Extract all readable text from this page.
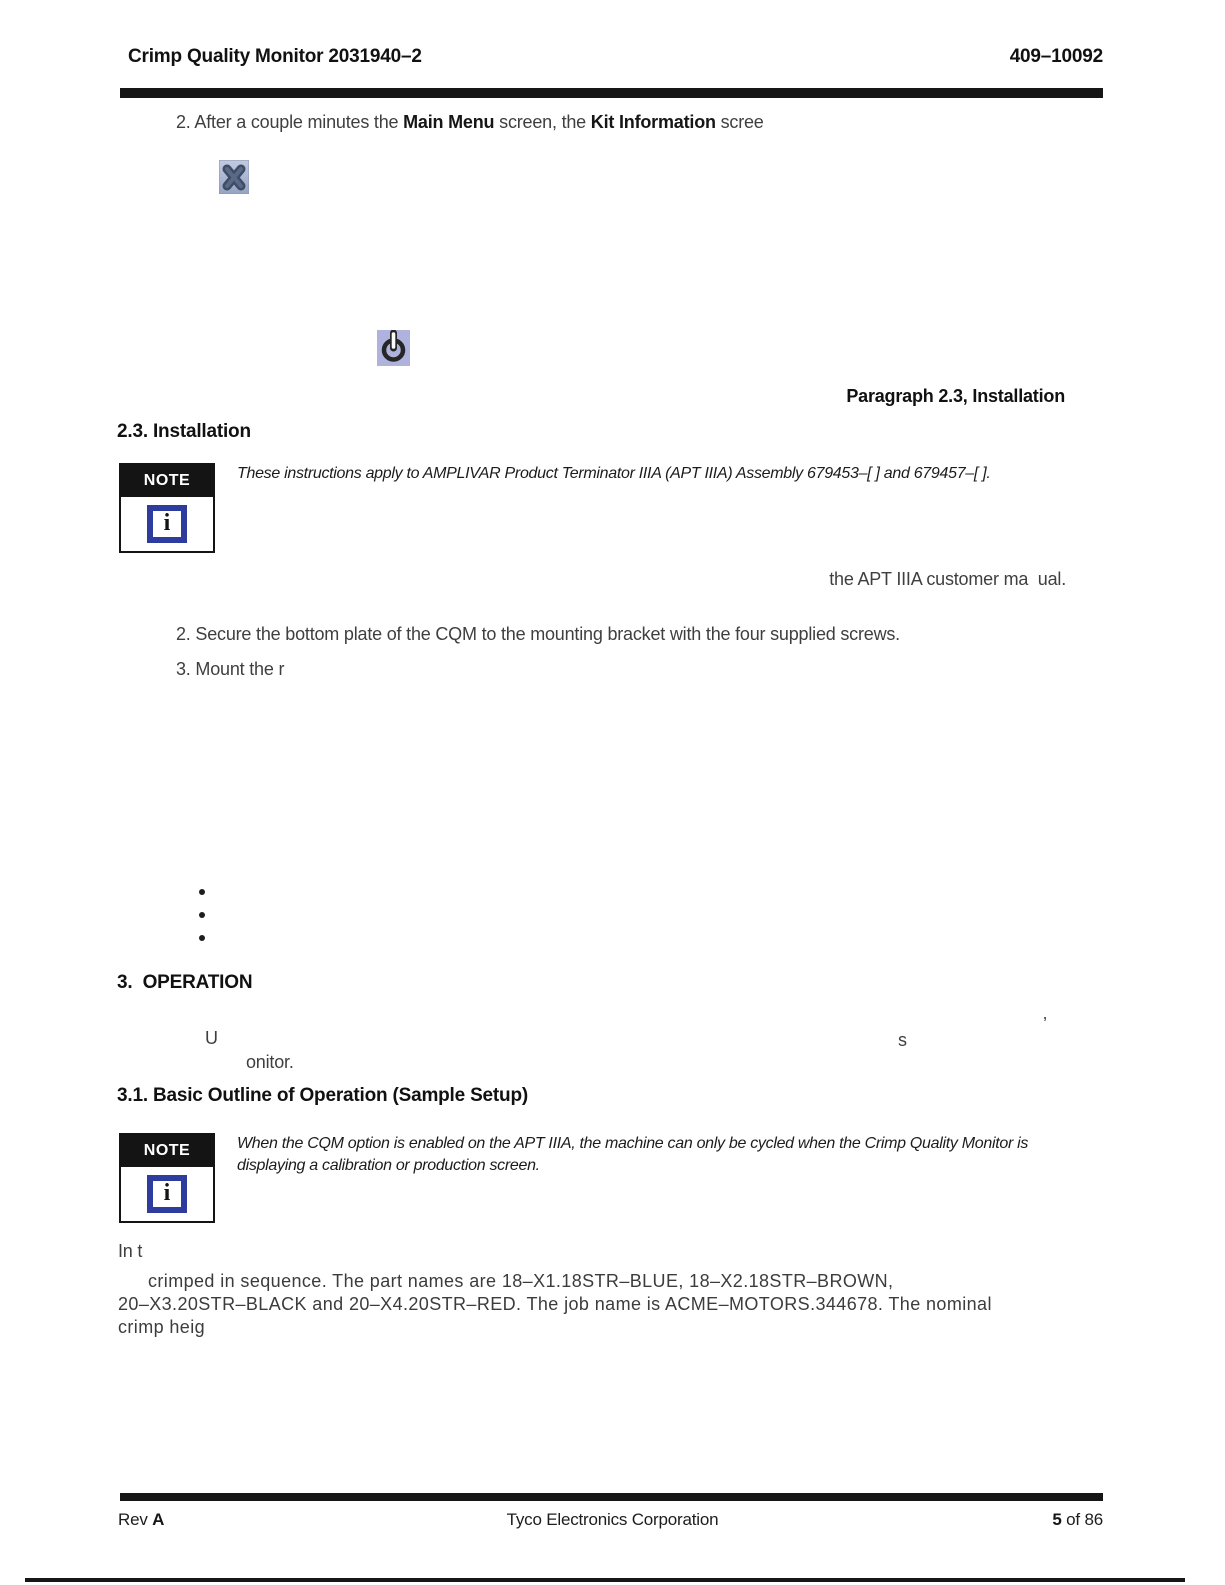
Crimp Quality Monitor 2031940–2	409–10092
2. After a couple minutes the Main Menu screen, the Kit Information scree
Paragraph 2.3, Installation
2.3. Installation
NOTE
i
These instructions apply to AMPLIVAR Product Terminator IIIA (APT IIIA) Assembly 679453–[ ] and 679457–[ ].
the APT IIIA customer ma  ual.
2. Secure the bottom plate of the CQM to the mounting bracket with the four supplied screws.
3. Mount the r
3.  OPERATION
’
U	s
onitor.
3.1. Basic Outline of Operation (Sample Setup)
NOTE
i
When the CQM option is enabled on the APT IIIA, the machine can only be cycled when the Crimp Quality Monitor is
displaying a calibration or production screen.
In t
crimped in sequence. The part names are 18–X1.18STR–BLUE, 18–X2.18STR–BROWN,
20–X3.20STR–BLACK and 20–X4.20STR–RED. The job name is ACME–MOTORS.344678. The nominal
crimp heig
Rev A	Tyco Electronics Corporation	5 of 86
